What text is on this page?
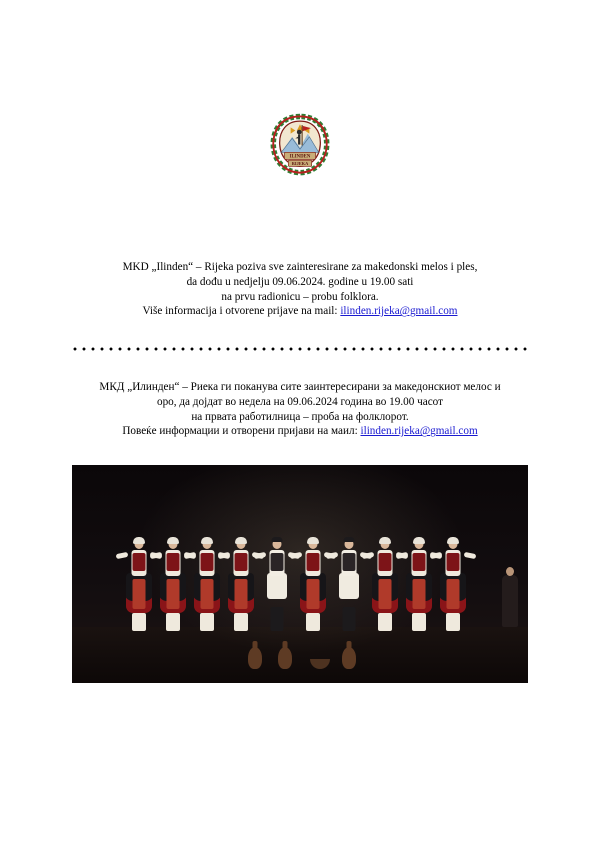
ILINDEN
RIJEKA

MKD „Ilinden“ – Rijeka poziva sve zainteresirane za makedonski melos i ples,

da dođu u nedjelju 09.06.2024. godine u 19.00 sati

na prvu radionicu – probu folklora.

Više informacija i otvorene prijave na mail: ilinden.rijeka@gmail.com

МКД „Илинден“ – Риека ги поканува сите заинтересирани за македонскиот мелос и

оро, да дојдат во недела на 09.06.2024 година во 19.00 часот

на првата работилница – проба на фолклорот.

Повеќе информации и отворени пријави на маил: ilinden.rijeka@gmail.com
